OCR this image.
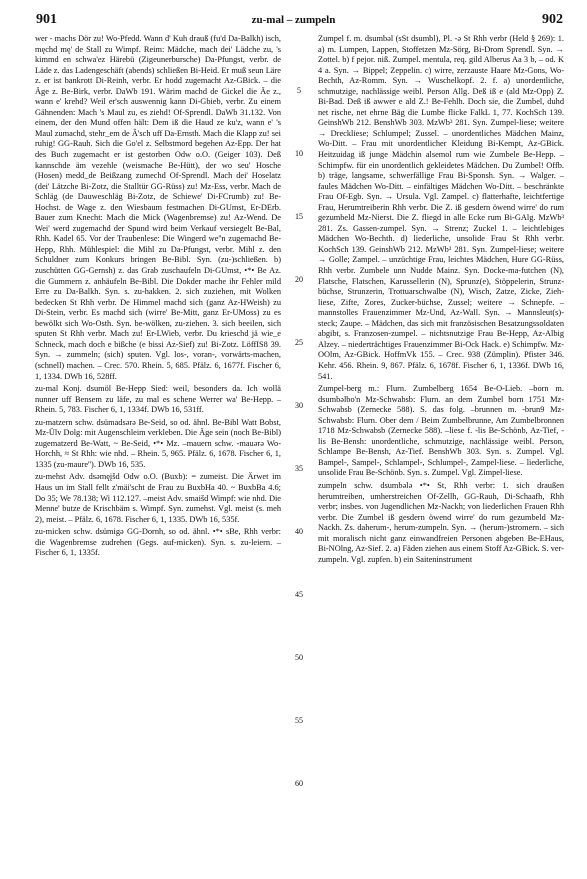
901	zu-mal – zumpeln	902

wer - machs Dör zu! Wo-Pfedd. Wann d' Kuh drauß (fu'd Da-Balkh) isch, męchd mę' de Stall zu Wimpf. Reim: Mädche, mach dei' Lädche zu, 's kimmd en schwa'ez Härebü (Zigeunerbursche) Da-Pfungst, verbr. de Läde z. das Ladengeschäft (abends) schließen Bi-Heid. Er muß seun Läre z. er ist bankrott Di-Reinh, verbr. Er hodd zugemacht Az-GBick. – die Äge z. Be-Birk, verbr. DaWb 191. Wärim machd de Gickel die Äe z., wann e' krehd? Weil er'sch auswennig kann Di-Gbieb, verbr. Zu einem Gähnenden: Mach 's Maul zu, es ziehd! Of-Sprendl. DaWb 31.132. Von einem, der den Mund offen hält: Dem iß die Haud ze ku'z, wann e' 's Maul zumachd, stehr_em de Â'sch uff Da-Ernsth. Mach die Klapp zu! sei ruhig! GG-Rauh. Sich die Go'el z. Selbstmord begehen Az-Epp. Der hat des Buch zugemacht er ist gestorben Odw o.O. (Geiger 103). Deß kannschde äm vezehle (weismache Be-Hütt), der wo seu' Hosche (Hosen) medd_de Beißzang zumechd Of-Sprendl. Mach dei' Hoselatz (dei' Lätzche Bi-Zotz, die Stalltür GG-Rüss) zu! Mz-Ess, verbr. Mach de Schläg (de Dauweschläg Bi-Zotz, de Schiewe' Di-FCrumb) zu! Be-Hochst. de Wage z. den Wiesbaum festmachen Di-GUmst, Er-DErb. Bauer zum Knecht: Mach die Mick (Wagenbremse) zu! Az-Wend. De Wei' werd zugemachd der Spund wird beim Verkauf versiegelt Be-Bal, Rhh. Kadel 65. Vor der Traubenlese: Die Wingerd we''n zugemachd Be-Hepp, Rhh. Mühlespiel: die Mihl zu Da-Pfungst, verbr. Mihl z. den Schuldner zum Konkurs bringen Be-Bibl. Syn. (zu-)schließen. b) zuschütten GG-Gernsh) z. das Grab zuschaufeln Di-GUmst, •*• Be Az. die Gummern z. anhäufeln Be-Bibl. Die Dokder mache ihr Fehler mild Erre zu Da-Balkh. Syn. s. zu-hakken. 2. sich zuziehen, mit Wolken bedecken St Rhh verbr. De Himmel machd sich (ganz Az-HWeish) zu Di-Stein, verbr. Es machd sich (wirre' Be-Mitt, ganz Er-UMoss) zu es bewölkt sich Wo-Osth. Syn. be-wölken, zu-ziehen. 3. sich beeilen, sich sputen St Rhh verbr. Mach zu! Er-LWieb, verbr. Du krieschd jä wie_e Schneck, mach doch e bißche (e bissi Az-Sief) zu! Bi-Zotz. LöffIS8 39. Syn. → zummeln; (sich) sputen. Vgl. los-, voran-, vorwärts-machen, (schnell) machen. – Crec. 570. Rhein. 5, 685. Pfälz. 6, 1677f. Fischer 6, 1, 1334. DWb 16, 528ff.

zu-mal Konj. dsumöl Be-Hepp Sied: weil, besonders da. Ich wollä nunner uff Bensem zu läfe, zu mal es schene Werrer wa' Be-Hepp. – Rhein. 5, 783. Fischer 6, 1, 1334f. DWb 16, 531ff.

zu-matzern schw. dsümadsərə Be-Seid, so od. ähnl. Be-Bibl Watt Bobst, Mz-Ülv Dolg: mit Augenschleim verkleben. Die Äge sein (noch Be-Bibl) zugematzerd Be-Watt, ~ Be-Seid, •*• Mz. –mauern schw. -mauərə Wo-Horchh, ≈ St Rhh: wie nhd. – Rhein. 5, 965. Pfälz. 6, 1678. Fischer 6, 1, 1335 (zu-maure''). DWb 16, 535.

zu-mehst Adv. dsəmęįšd Odw o.O. (Buxb): = zumeist. Die Ärwet im Haus un im Stall fellt z'mäi'scht de Frau zu BuxbHa 40. ~ BuxbBa 4.6; Do 35; We 78.138; Wi 112.127. –meist Adv. smaišd Wimpf: wie nhd. Die Menne' butze de Krischbäm s. Wimpf. Syn. zumehst. Vgl. meist (s. meh 2), meist. – Pfälz. 6, 1678. Fischer 6, 1, 1335. DWb 16, 535f.

zu-micken schw. dsümigə GG-Dornh, so od. ähnl. •*• sBe, Rhh verbr: die Wagenbremse zudrehen (Gegs. auf-micken). Syn. s. zu-leiern. – Fischer 6, 1, 1335f.

5
10
15
20
25
30
35
40
45
50
55
60

Zumpel f. m. dsumbəl (sSt dsumbl), Pl. -ə St Rhh verbr (Held § 269): 1. a) m. Lumpen, Lappen, Stoffetzen Mz-Sörg, Bi-Drom Sprendl. Syn. → Zottel. b) f pejor. niß. Zumpel. mentula, req. gild Alberus Aa 3 b, – od. K 4 a. Syn. → Bippel; Zeppelin. c) wirre, zerzauste Haare Mz-Gons, Wo-Bechth, Az-Romm. Syn. → Wuschelkopf. 2. f. a) unordentliche, schmutzige, nachlässige weibl. Person Allg. Deß iß e (ald Mz-Opp) Z. Bi-Bad. Deß iß awwer e ald Z.! Be-Fehlh. Doch sie, die Zumbel, duhd net rische, net ehrne Bäg die Lumbe flicke FalkL 1, 77. KochSch 139. GeinshWb 212. BenshWb 303. MzWb³ 281. Syn. Zumpel-liese; weitere → Dreckliese; Schlumpel; Zussel. – unordentliches Mädchen Mainz, Wo-Ditt. – Frau mit unordentlicher Kleidung Bi-Kempt, Az-GBick. Heitzuidag iß junge Mädchin alsemol rum wie Zumbele Be-Hepp. – Schimpfw. für ein unordentlich gekleidetes Mädchen. Du Zumbel! Offb. b) träge, langsame, schwerfällige Frau Bi-Sponsh. Syn. → Walger. – faules Mädchen Wo-Ditt. – einfältiges Mädchen Wo-Ditt. – beschränkte Frau Of-Egb. Syn. → Ursula. Vgl. Zampel. c) flatterhafte, leichtfertige Frau, Herumtreiberin Rhh verbr. Die Z. iß gesdern öwend wirre' do rum gezumbeld Mz-Nierst. Die Z. fliegd in alle Ecke rum Bi-GAlg. MzWb³ 281. Zs. Gassen-zumpel. Syn. → Strenz; Zuckel 1. – leichtlebiges Mädchen Wo-Bechth. d) liederliche, unsolide Frau St Rhh verbr. KochSch 139. GeinshWb 212. MzWb³ 281. Syn. Zumpel-liese; weitere → Golle; Zampel. – unzüchtige Frau, leichtes Mädchen, Hure GG-Rüss, Rhh verbr. Zumbele unn Nudde Mainz. Syn. Docke-ma-futchen (N), Flatsche, Flatschen, Karussellerin (N), Sprunz(e), Stöppelerin, Strunz-büchse, Strunzerin, Trottuarschwalbe (N), Wisch, Zatze, Zicke, Zieh-liese, Zifte, Zores, Zucker-büchse, Zussel; weitere → Schnepfe. – mannstolles Frauenzimmer Mz-Und, Az-Wall. Syn. → Mannsleut(s)-steck; Zaupe. – Mädchen, das sich mit französischen Besatzungssoldaten abgibt, s. Franzosen-zumpel. – nichtsnutzige Frau Be-Hepp, Az-Albig Alzey. – niederträchtiges Frauenzimmer Bi-Ock Hack. e) Schimpfw. Mz-OOlm, Az-GBick. HoffmVk 155. – Crec. 938 (Zümplin). Pfister 346. Kehr. 456. Rhein. 9, 867. Pfälz. 6, 1678f. Fischer 6, 1, 1336f. DWb 16, 541.

Zumpel-berg m.: Flurn. Zumbelberg 1654 Be-O-Lieb. –born m. dsumbəlbo'n Mz-Schwabsb: Flurn. an dem Zumbel born 1751 Mz-Schwabsb (Zernecke 588). S. das folg. –brunnen m. -brun9 Mz-Schwabsb: Flurn. Ober dem / Beim Zumbelbrunne, Am Zumbelbronnen 1718 Mz-Schwabsb (Zernecke 588). –liese f. -lis Be-Schönb, Az-Tief, -lis Be-Bensh: unordentliche, schmutzige, nachlässige weibl. Person, Schlampe Be-Bensh, Az-Tief. BenshWb 303. Syn. s. Zumpel. Vgl. Bampel-, Sampel-, Schlampel-, Schlumpel-, Zampel-liese. – liederliche, unsolide Frau Be-Schönb. Syn. s. Zumpel. Vgl. Zimpel-liese.

zumpeln schw. dsumbələ •*• St, Rhh verbr: 1. sich draußen herumtreiben, umherstreichen Of-Zellh, GG-Rauh, Di-Schaafh, Rhh verbr; insbes. von Jugendlichen Mz-Nackh; von liederlichen Frauen Rhh verbr. Die Zumbel iß gesdern öwend wirre' do rum gezumbeld Mz-Nackh. Zs. daherum-, herum-zumpeln. Syn. → (herum-)stromern. – sich mit moralisch nicht ganz einwandfreien Personen abgeben Be-EHaus, Bi-NOlng, Az-Sief. 2. a) Fäden ziehen aus einem Stoff Az-GBick. S. ver-zumpeln. Vgl. zupfen. b) ein Saiteninstrument
